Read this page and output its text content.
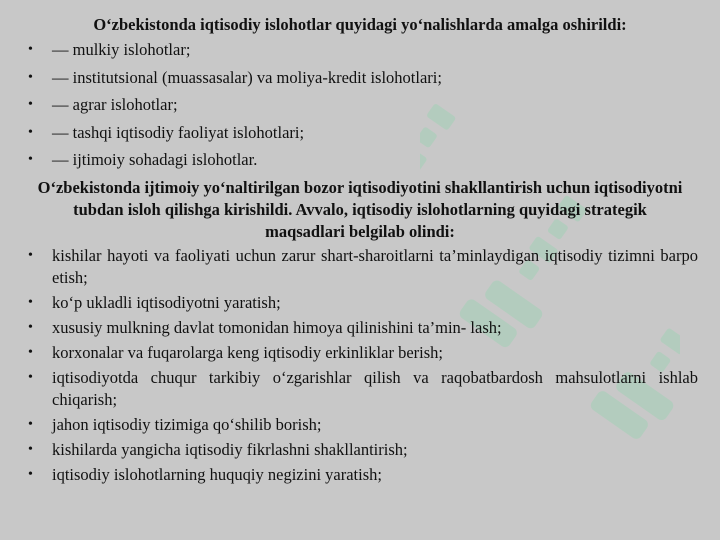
O‘zbekistonda iqtisodiy islohotlar quyidagi yo‘nalishlarda amalga oshirildi:

• — mulkiy islohotlar;
• — institutsional (muassasalar) va moliya-kredit islohotlari;
• — agrar islohotlar;
• — tashqi iqtisodiy faoliyat islohotlari;
• — ijtimoiy sohadagi islohotlar.

O‘zbekistonda ijtimoiy yo‘naltirilgan bozor iqtisodiyotini shakllantirish uchun iqtisodiyotni tubdan isloh qilishga kirishildi. Avvalo, iqtisodiy islohotlarning quyidagi strategik maqsadlari belgilab olindi:

• kishilar hayoti va faoliyati uchun zarur shart-sharoitlarni ta’minlaydigan iqtisodiy tizimni barpo etish;
• ko‘p ukladli iqtisodiyotni yaratish;
• xususiy mulkning davlat tomonidan himoya qilinishini ta’min- lash;
• korxonalar va fuqarolarga keng iqtisodiy erkinliklar berish;
• iqtisodiyotda chuqur tarkibiy o‘zgarishlar qilish va raqobatbardosh mahsulotlarni ishlab chiqarish;
• jahon iqtisodiy tizimiga qo‘shilib borish;
• kishilarda yangicha iqtisodiy fikrlashni shakllantirish;
• iqtisodiy islohotlarning huquqiy negizini yaratish;
